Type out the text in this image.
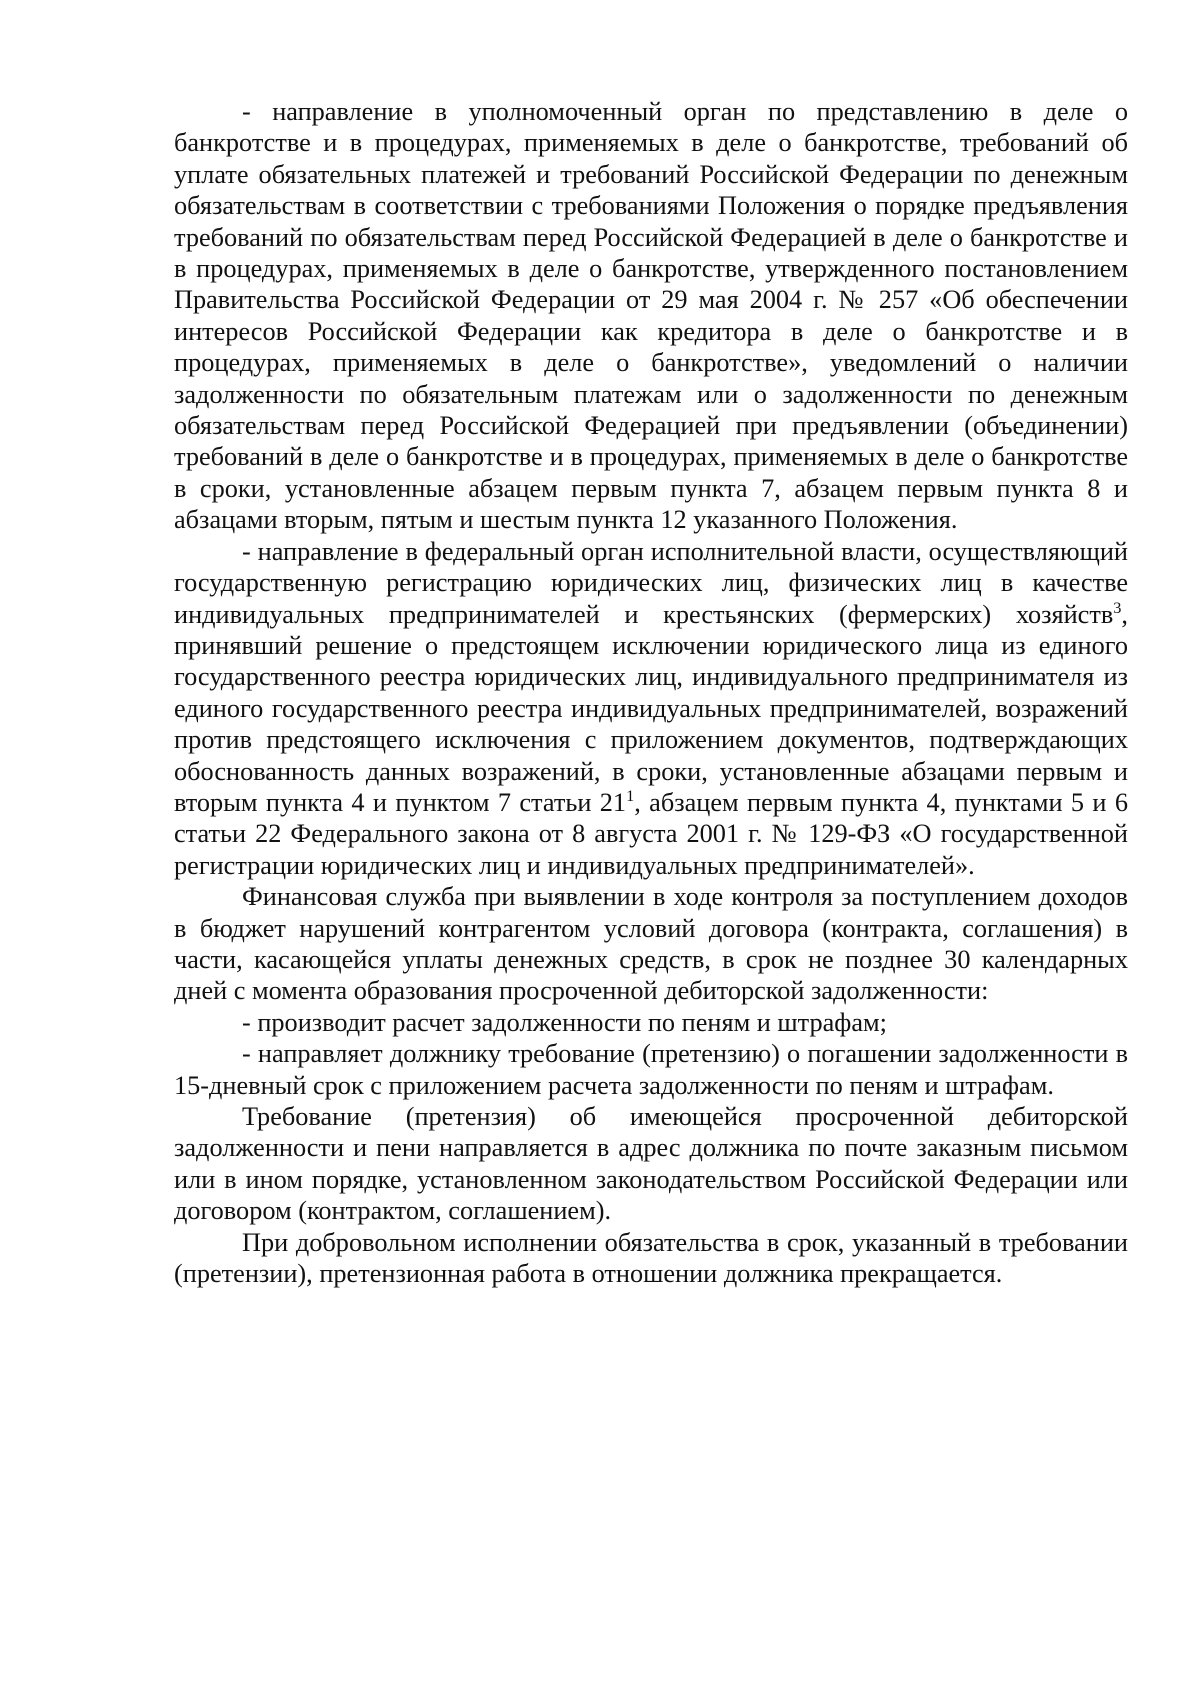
- направление в уполномоченный орган по представлению в деле о банкротстве и в процедурах, применяемых в деле о банкротстве, требований об уплате обязательных платежей и требований Российской Федерации по денежным обязательствам в соответствии с требованиями Положения о порядке предъявления требований по обязательствам перед Российской Федерацией в деле о банкротстве и в процедурах, применяемых в деле о банкротстве, утвержденного постановлением Правительства Российской Федерации от 29 мая 2004 г. № 257 «Об обеспечении интересов Российской Федерации как кредитора в деле о банкротстве и в процедурах, применяемых в деле о банкротстве», уведомлений о наличии задолженности по обязательным платежам или о задолженности по денежным обязательствам перед Российской Федерацией при предъявлении (объединении) требований в деле о банкротстве и в процедурах, применяемых в деле о банкротстве в сроки, установленные абзацем первым пункта 7, абзацем первым пункта 8 и абзацами вторым, пятым и шестым пункта 12 указанного Положения.

- направление в федеральный орган исполнительной власти, осуществляющий государственную регистрацию юридических лиц, физических лиц в качестве индивидуальных предпринимателей и крестьянских (фермерских) хозяйств$^3$, принявший решение о предстоящем исключении юридического лица из единого государственного реестра юридических лиц, индивидуального предпринимателя из единого государственного реестра индивидуальных предпринимателей, возражений против предстоящего исключения с приложением документов, подтверждающих обоснованность данных возражений, в сроки, установленные абзацами первым и вторым пункта 4 и пунктом 7 статьи $21^1$, абзацем первым пункта 4, пунктами 5 и 6 статьи 22 Федерального закона от 8 августа 2001 г. № 129-ФЗ «О государственной регистрации юридических лиц и индивидуальных предпринимателей».

Финансовая служба при выявлении в ходе контроля за поступлением доходов в бюджет нарушений контрагентом условий договора (контракта, соглашения) в части, касающейся уплаты денежных средств, в срок не позднее 30 календарных дней с момента образования просроченной дебиторской задолженности:

- производит расчет задолженности по пеням и штрафам;

- направляет должнику требование (претензию) о погашении задолженности в 15-дневный срок с приложением расчета задолженности по пеням и штрафам.

Требование (претензия) об имеющейся просроченной дебиторской задолженности и пени направляется в адрес должника по почте заказным письмом или в ином порядке, установленном законодательством Российской Федерации или договором (контрактом, соглашением).

При добровольном исполнении обязательства в срок, указанный в требовании (претензии), претензионная работа в отношении должника прекращается.
